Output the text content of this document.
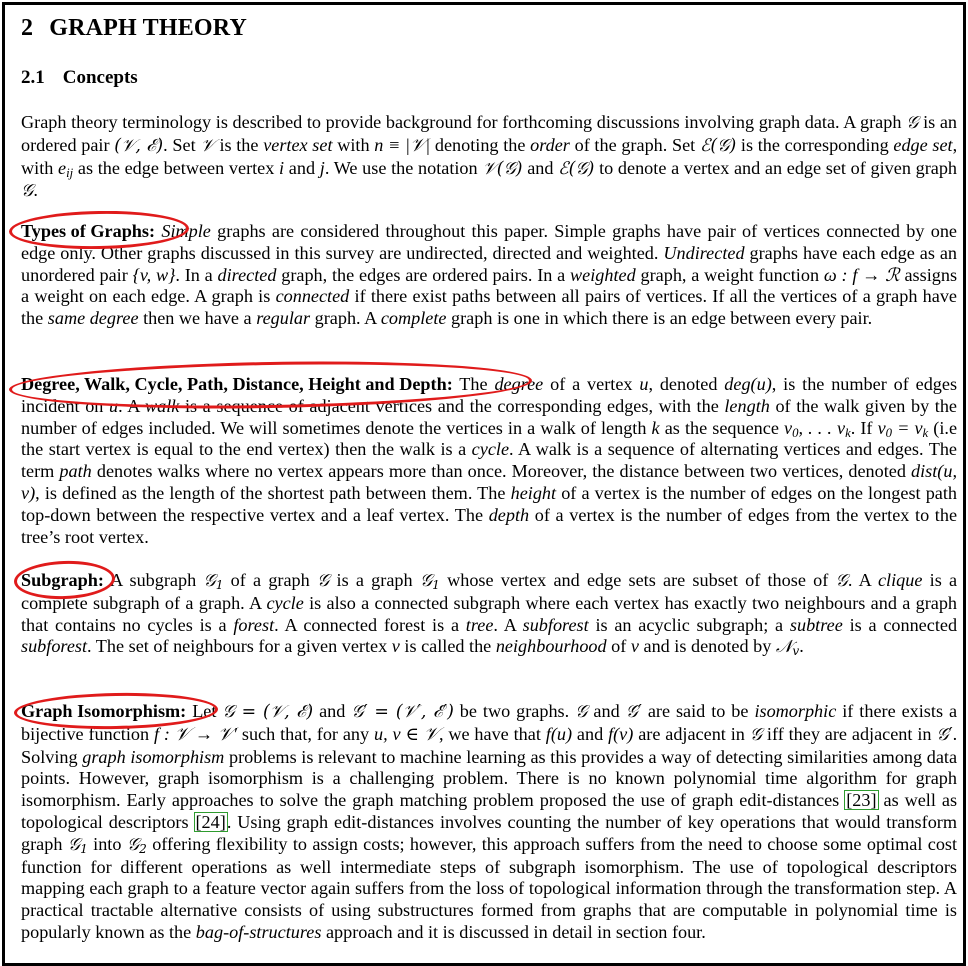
2 GRAPH THEORY
2.1 Concepts

Graph theory terminology is described to provide background for forthcoming discussions involving graph data. A graph 𝒢 is an ordered pair (𝒱, ℰ). Set 𝒱 is the vertex set with n ≡ |𝒱| denoting the order of the graph. Set ℰ(𝒢) is the corresponding edge set, with $e_{ij}$ as the edge between vertex i and j. We use the notation 𝒱(𝒢) and ℰ(𝒢) to denote a vertex and an edge set of given graph 𝒢.

Types of Graphs: Simple graphs are considered throughout this paper. Simple graphs have pair of vertices connected by one edge only. Other graphs discussed in this survey are undirected, directed and weighted. Undirected graphs have each edge as an unordered pair {v, w}. In a directed graph, the edges are ordered pairs. In a weighted graph, a weight function ω : f → ℛ assigns a weight on each edge. A graph is connected if there exist paths between all pairs of vertices. If all the vertices of a graph have the same degree then we have a regular graph. A complete graph is one in which there is an edge between every pair.

Degree, Walk, Cycle, Path, Distance, Height and Depth: The degree of a vertex u, denoted deg(u), is the number of edges incident on u. A walk is a sequence of adjacent vertices and the corresponding edges, with the length of the walk given by the number of edges included. We will sometimes denote the vertices in a walk of length k as the sequence $v_0$, . . . $v_k$. If $v_0 = v_k$ (i.e the start vertex is equal to the end vertex) then the walk is a cycle. A walk is a sequence of alternating vertices and edges. The term path denotes walks where no vertex appears more than once. Moreover, the distance between two vertices, denoted dist(u, v), is defined as the length of the shortest path between them. The height of a vertex is the number of edges on the longest path top-down between the respective vertex and a leaf vertex. The depth of a vertex is the number of edges from the vertex to the tree’s root vertex.

Subgraph: A subgraph 𝒢$_1$ of a graph 𝒢 is a graph 𝒢$_1$ whose vertex and edge sets are subset of those of 𝒢. A clique is a complete subgraph of a graph. A cycle is also a connected subgraph where each vertex has exactly two neighbours and a graph that contains no cycles is a forest. A connected forest is a tree. A subforest is an acyclic subgraph; a subtree is a connected subforest. The set of neighbours for a given vertex v is called the neighbourhood of v and is denoted by 𝒩$_v$.

Graph Isomorphism: Let 𝒢 = (𝒱, ℰ) and 𝒢′ = (𝒱′, ℰ′) be two graphs. 𝒢 and 𝒢′ are said to be isomorphic if there exists a bijective function f : 𝒱 → 𝒱′ such that, for any u, v ∈ 𝒱, we have that f(u) and f(v) are adjacent in 𝒢 iff they are adjacent in 𝒢′. Solving graph isomorphism problems is relevant to machine learning as this provides a way of detecting similarities among data points. However, graph isomorphism is a challenging problem. There is no known polynomial time algorithm for graph isomorphism. Early approaches to solve the graph matching problem proposed the use of graph edit-distances [23] as well as topological descriptors [24]. Using graph edit-distances involves counting the number of key operations that would transform graph 𝒢$_1$ into 𝒢$_2$ offering flexibility to assign costs; however, this approach suffers from the need to choose some optimal cost function for different operations as well intermediate steps of subgraph isomorphism. The use of topological descriptors mapping each graph to a feature vector again suffers from the loss of topological information through the transformation step. A practical tractable alternative consists of using substructures formed from graphs that are computable in polynomial time is popularly known as the bag-of-structures approach and it is discussed in detail in section four.
